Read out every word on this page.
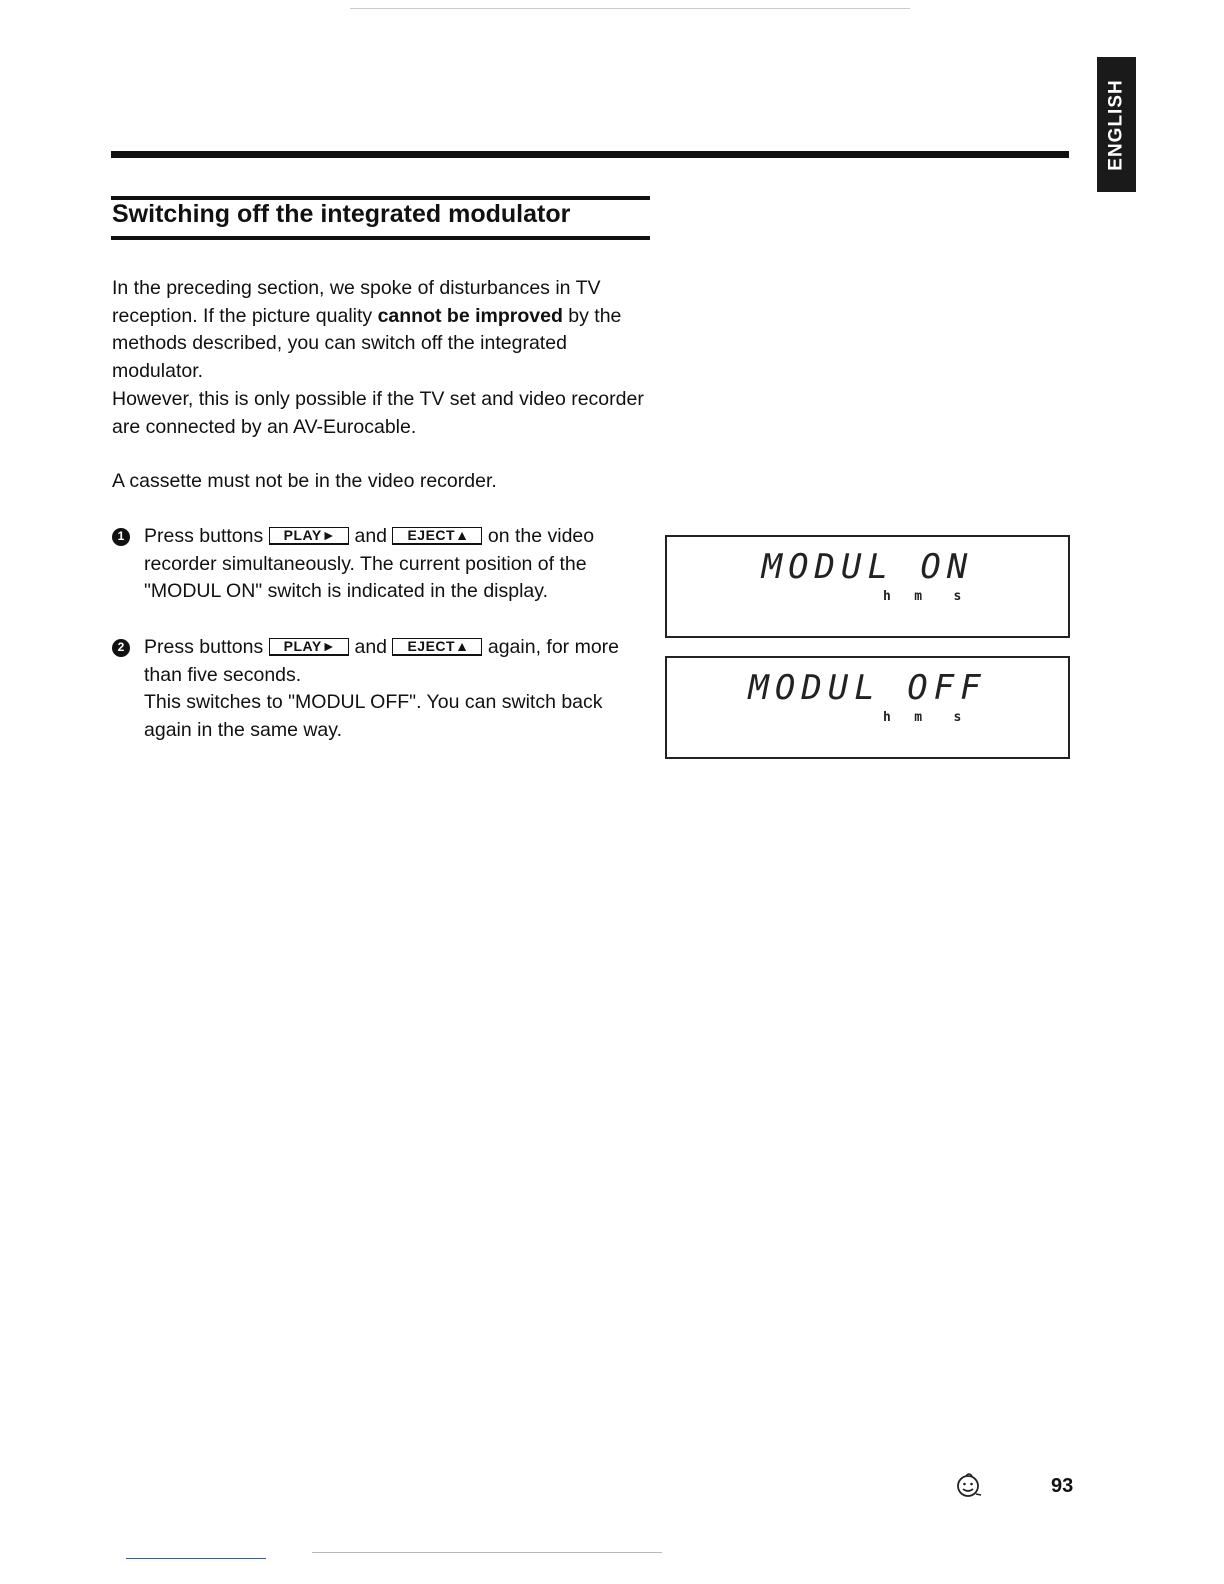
ENGLISH
Switching off the integrated modulator

In the preceding section, we spoke of disturbances in TV reception. If the picture quality cannot be improved by the methods described, you can switch off the integrated modulator.

However, this is only possible if the TV set and video recorder are connected by an AV-Eurocable.

A cassette must not be in the video recorder.

1 Press buttons PLAY► and EJECT▲ on the video recorder simultaneously. The current position of the "MODUL ON" switch is indicated in the display.
2 Press buttons PLAY► and EJECT▲ again, for more than five seconds.
This switches to "MODUL OFF". You can switch back again in the same way.
MODUL ON
h   m    s
MODUL OFF
h   m    s
93
